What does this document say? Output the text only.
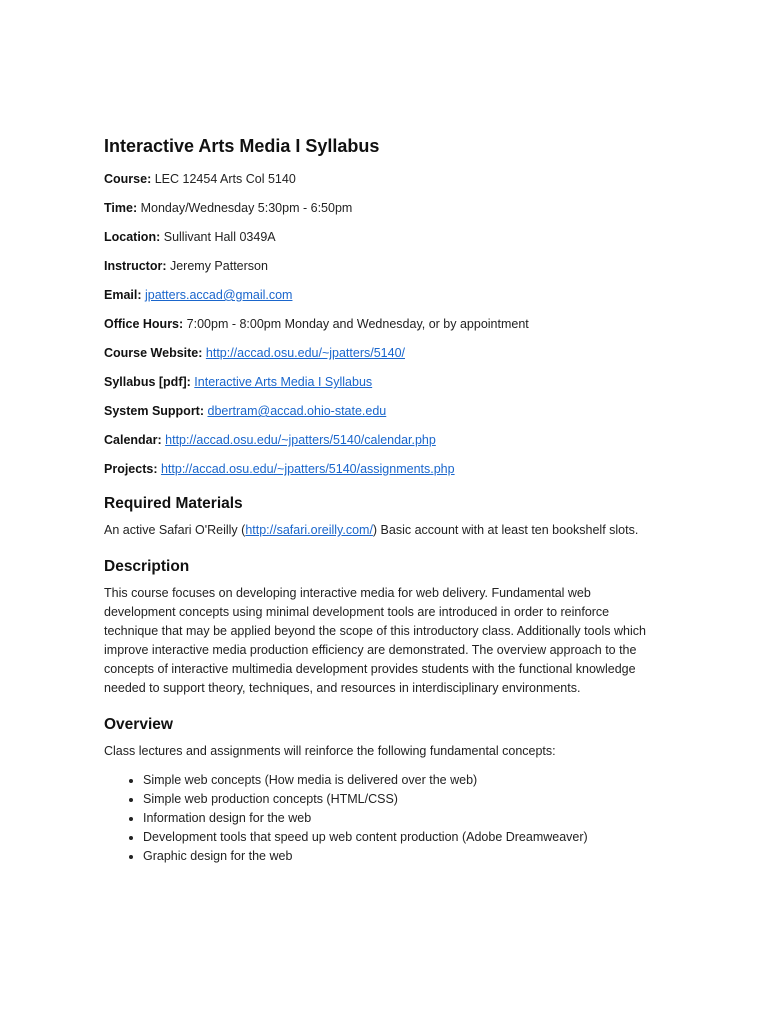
Interactive Arts Media I Syllabus
Course: LEC 12454 Arts Col 5140
Time: Monday/Wednesday 5:30pm - 6:50pm
Location: Sullivant Hall 0349A
Instructor: Jeremy Patterson
Email: jpatters.accad@gmail.com
Office Hours: 7:00pm - 8:00pm Monday and Wednesday, or by appointment
Course Website: http://accad.osu.edu/~jpatters/5140/
Syllabus [pdf]: Interactive Arts Media I Syllabus
System Support: dbertram@accad.ohio-state.edu
Calendar: http://accad.osu.edu/~jpatters/5140/calendar.php
Projects: http://accad.osu.edu/~jpatters/5140/assignments.php
Required Materials

An active Safari O'Reilly (http://safari.oreilly.com/) Basic account with at least ten bookshelf slots.

Description

This course focuses on developing interactive media for web delivery. Fundamental web development concepts using minimal development tools are introduced in order to reinforce technique that may be applied beyond the scope of this introductory class. Additionally tools which improve interactive media production efficiency are demonstrated. The overview approach to the concepts of interactive multimedia development provides students with the functional knowledge needed to support theory, techniques, and resources in interdisciplinary environments.

Overview

Class lectures and assignments will reinforce the following fundamental concepts:

• Simple web concepts (How media is delivered over the web)
• Simple web production concepts (HTML/CSS)
• Information design for the web
• Development tools that speed up web content production (Adobe Dreamweaver)
• Graphic design for the web
